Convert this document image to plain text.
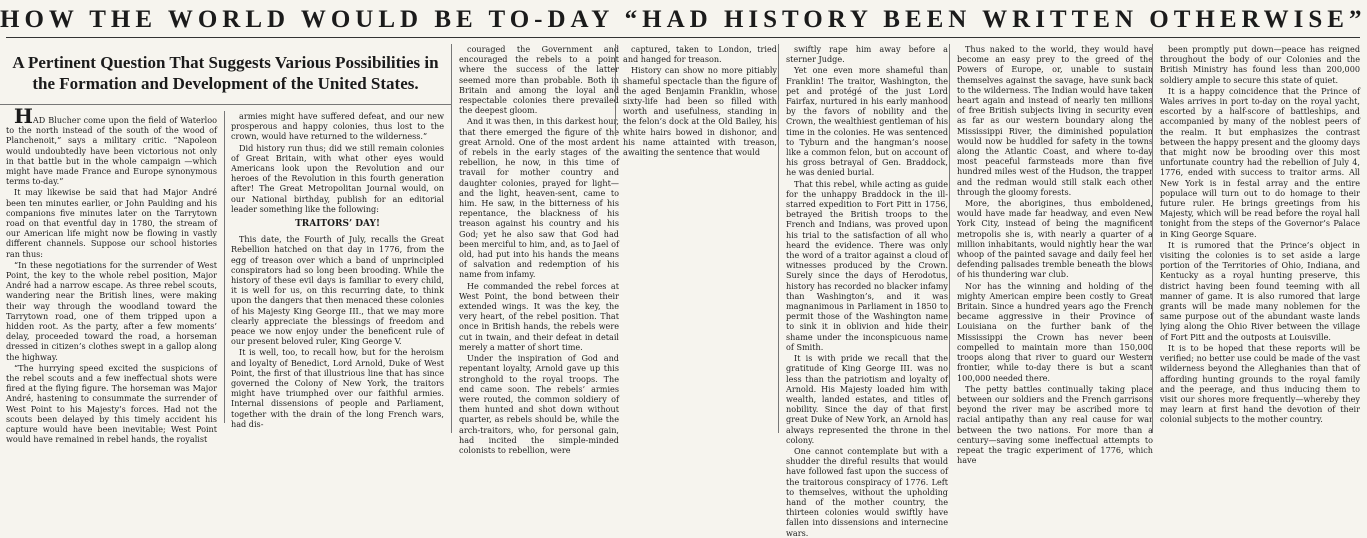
HOW THE WORLD WOULD BE TO-DAY “HAD HISTORY BEEN WRITTEN OTHERWISE”
A Pertinent Question That Suggests Various Possibilities in the Formation and Development of the United States.

HAD Blucher come upon the field of Waterloo to the north instead of the south of the wood of Planchenoit,” says a military critic. “Napoleon would undoubtedly have been victorious not only in that battle but in the whole campaign —which might have made France and Europe synonymous terms to-day.”

It may likewise be said that had Major André been ten minutes earlier, or John Paulding and his companions five minutes later on the Tarrytown road on that eventful day in 1780, the stream of our American life might now be flowing in vastly different channels. Suppose our school histories ran thus:

“In these negotiations for the surrender of West Point, the key to the whole rebel position, Major André had a narrow escape. As three rebel scouts, wandering near the British lines, were making their way through the woodland toward the Tarrytown road, one of them tripped upon a hidden root. As the party, after a few moments’ delay, proceeded toward the road, a horseman dressed in citizen’s clothes swept in a gallop along the highway.

“The hurrying speed excited the suspicions of the rebel scouts and a few ineffectual shots were fired at the flying figure. The horseman was Major André, hastening to consummate the surrender of West Point to his Majesty’s forces. Had not the scouts been delayed by this timely accident his capture would have been inevitable; West Point would have remained in rebel hands, the royalist

armies might have suffered defeat, and our new prosperous and happy colonies, thus lost to the crown, would have returned to the wilderness.”

Did history run thus; did we still remain colonies of Great Britain, with what other eyes would Americans look upon the Revolution and our heroes of the Revolution in this fourth generation after! The Great Metropolitan Journal would, on our National birthday, publish for an editorial leader something like the following:

TRAITORS’ DAY!

This date, the Fourth of July, recalls the Great Rebellion hatched on that day in 1776, from the egg of treason over which a band of unprincipled conspirators had so long been brooding. While the history of these evil days is familiar to every child, it is well for us, on this recurring date, to think upon the dangers that then menaced these colonies of his Majesty King George III., that we may more clearly appreciate the blessings of freedom and peace we now enjoy under the beneficent rule of our present beloved ruler, King George V.

It is well, too, to recall how, but for the heroism and loyalty of Benedict, Lord Arnold, Duke of West Point, the first of that illustrious line that has since governed the Colony of New York, the traitors might have triumphed over our faithful armies. Internal dissensions of people and Parliament, together with the drain of the long French wars, had dis-

couraged the Government and encouraged the rebels to a point where the success of the latter seemed more than probable. Both in Britain and among the loyal and respectable colonies there prevailed the deepest gloom.

And it was then, in this darkest hour, that there emerged the figure of the great Arnold. One of the most ardent of rebels in the early stages of the rebellion, he now, in this time of travail for mother country and daughter colonies, prayed for light—and the light, heaven-sent, came to him. He saw, in the bitterness of his repentance, the blackness of his treason against his country and his God; yet he also saw that God had been merciful to him, and, as to Jael of old, had put into his hands the means of salvation and redemption of his name from infamy.

He commanded the rebel forces at West Point, the bond between their extended wings. It was the key, the very heart, of the rebel position. That once in British hands, the rebels were cut in twain, and their defeat in detail merely a matter of short time.

Under the inspiration of God and repentant loyalty, Arnold gave up this stronghold to the royal troops. The end came soon. The rebels’ armies were routed, the common soldiery of them hunted and shot down without quarter, as rebels should be, while the arch-traitors, who, for personal gain, had incited the simple-minded colonists to rebellion, were

captured, taken to London, tried and hanged for treason.

History can show no more pitiably shameful spectacle than the figure of the aged Benjamin Franklin, whose sixty-life had been so filled with worth and usefulness, standing in the felon’s dock at the Old Bailey, his white hairs bowed in dishonor, and his name attainted with treason, awaiting the sentence that would

swiftly rape him away before a sterner Judge.

Yet one even more shameful than Franklin! The traitor, Washington, the pet and protégé of the just Lord Fairfax, nurtured in his early manhood by the favors of nobility and the Crown, the wealthiest gentleman of his time in the colonies. He was sentenced to Tyburn and the hangman’s noose like a common felon, but on account of his gross betrayal of Gen. Braddock, he was denied burial.

That this rebel, while acting as guide for the unhappy Braddock in the ill-starred expedition to Fort Pitt in 1756, betrayed the British troops to the French and Indians, was proved upon his trial to the satisfaction of all who heard the evidence. There was only the word of a traitor against a cloud of witnesses produced by the Crown. Surely since the days of Herodotus, history has recorded no blacker infamy than Washington’s, and it was magnanimous in Parliament in 1850 to permit those of the Washington name to sink it in oblivion and hide their shame under the inconspicuous name of Smith.

It is with pride we recall that the gratitude of King George III. was no less than the patriotism and loyalty of Arnold. His Majesty loaded him with wealth, landed estates, and titles of nobility. Since the day of that first great Duke of New York, an Arnold has always represented the throne in the colony.

One cannot contemplate but with a shudder the direful results that would have followed fast upon the success of the traitorous conspiracy of 1776. Left to themselves, without the upholding hand of the mother country, the thirteen colonies would swiftly have fallen into dissensions and internecine wars.

Thus naked to the world, they would have become an easy prey to the greed of the Powers of Europe, or, unable to sustain themselves against the savage, have sunk back to the wilderness. The Indian would have taken heart again and instead of nearly ten millions of free British subjects living in security even as far as our western boundary along the Mississippi River, the diminished population would now be huddled for safety in the towns along the Atlantic Coast, and where to-day most peaceful farmsteads more than five hundred miles west of the Hudson, the trapper and the redman would still stalk each other through the gloomy forests.

More, the aborigines, thus emboldened, would have made far headway, and even New York City, instead of being the magnificent metropolis she is, with nearly a quarter of a million inhabitants, would nightly hear the war whoop of the painted savage and daily feel her defending palisades tremble beneath the blows of his thundering war club.

Nor has the winning and holding of the mighty American empire been costly to Great Britain. Since a hundred years ago the French became aggressive in their Province of Louisiana on the further bank of the Mississippi the Crown has never been compelled to maintain more than 150,000 troops along that river to guard our Western frontier, while to-day there is but a scant 100,000 needed there.

The petty battles continually taking place between our soldiers and the French garrisons beyond the river may be ascribed more to racial antipathy than any real cause for war between the two nations. For more than a century—saving some ineffectual attempts to repeat the tragic experiment of 1776, which have

been promptly put down—peace has reigned throughout the body of our Colonies and the British Ministry has found less than 200,000 soldiery ample to secure this state of quiet.

It is a happy coincidence that the Prince of Wales arrives in port to-day on the royal yacht, escorted by a half-score of battleships, and accompanied by many of the noblest peers of the realm. It but emphasizes the contrast between the happy present and the gloomy days that might now be brooding over this most unfortunate country had the rebellion of July 4, 1776, ended with success to traitor arms. All New York is in festal array and the entire populace will turn out to do homage to their future ruler. He brings greetings from his Majesty, which will be read before the royal hall tonight from the steps of the Governor’s Palace in King George Square.

It is rumored that the Prince’s object in visiting the colonies is to set aside a large portion of the Territories of Ohio, Indiana, and Kentucky as a royal hunting preserve, this district having been found teeming with all manner of game. It is also rumored that large grants will be made many noblemen for the same purpose out of the abundant waste lands lying along the Ohio River between the village of Fort Pitt and the outposts at Louisville.

It is to be hoped that these reports will be verified; no better use could be made of the vast wilderness beyond the Alleghanies than that of affording hunting grounds to the royal family and the peerage, and thus inducing them to visit our shores more frequently—whereby they may learn at first hand the devotion of their colonial subjects to the mother country.
